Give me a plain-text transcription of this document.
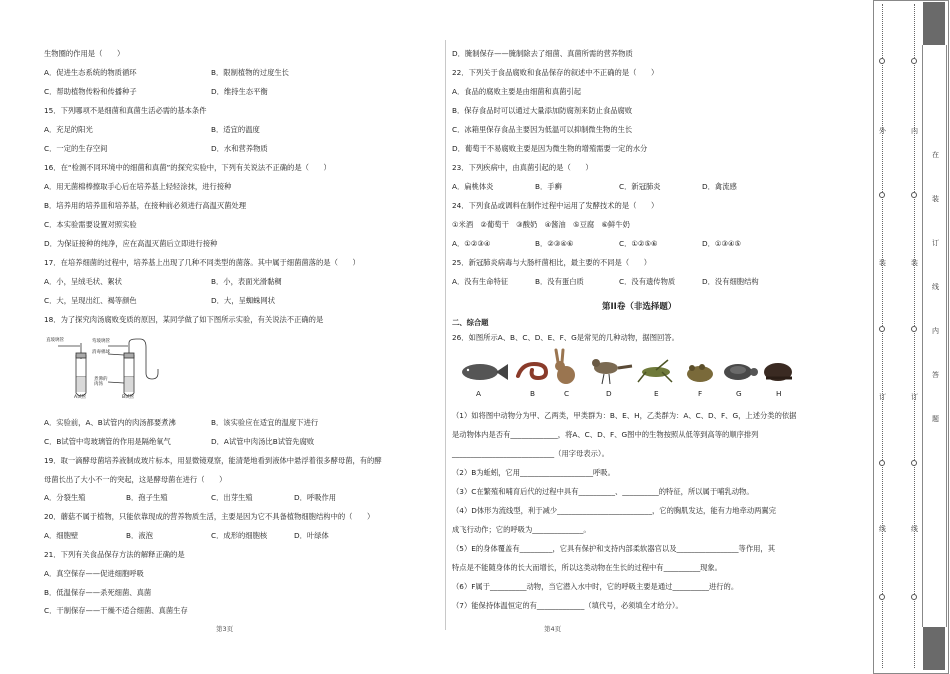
生物圈的作用是（　　）
A．促进生态系统的物质循环	B．限制植物的过度生长
C．帮助植物传粉和传播种子	D．维持生态平衡
15．下列哪项不是细菌和真菌生活必需的基本条件
A．充足的阳光	B．适宜的温度
C．一定的生存空间	D．水和营养物质
16．在“检测不同环境中的细菌和真菌”的探究实验中，下列有关说法不正确的是（　　）
A．用无菌棉棒擦取手心后在培养基上轻轻涂抹，进行接种
B．培养用的培养皿和培养基，在接种前必须进行高温灭菌处理
C．本实验需要设置对照实验
D．为保证接种的纯净，应在高温灭菌后立即进行接种
17．在培养细菌的过程中，培养基上出现了几种不同类型的菌落。其中属于细菌菌落的是（　　）
A．小，呈绒毛状、絮状	B．小，表面光滑黏稠
C．大，呈现出红、褐等颜色	D．大，呈蜘蛛网状
18．为了探究肉汤腐败变质的原因，某同学做了如下图所示实验，有关说法不正确的是
直玻璃管	弯玻璃管
消毒棉球
煮沸的肉汤
A试管	B试管
A．实验前，A、B试管内的肉汤都要煮沸	B．该实验应在适宜的温度下进行
C．B试管中弯玻璃管的作用是隔绝氧气	D．A试管中肉汤比B试管先腐败
19．取一滴酵母菌培养液制成玻片标本，用显微镜观察，能清楚地看到液体中悬浮着很多酵母菌，有的酵
母菌长出了大小不一的突起，这是酵母菌在进行（　　）
A．分裂生殖	B．孢子生殖	C．出芽生殖	D．呼吸作用
20．蘑菇不属于植物，只能依靠现成的营养物质生活，主要是因为它不具备植物细胞结构中的（　　）
A．细胞壁	B．液泡	C．成形的细胞核	D．叶绿体
21．下列有关食品保存方法的解释正确的是
A．真空保存——促进细胞呼吸
B．低温保存——杀死细菌、真菌
C．干制保存——干燥不适合细菌、真菌生存
第3页
D．腌制保存——腌制除去了细菌、真菌所需的营养物质
22．下列关于食品腐败和食品保存的叙述中不正确的是（　　）
A．食品的腐败主要是由细菌和真菌引起
B．保存食品时可以通过大量添加防腐剂来防止食品腐败
C．冰箱里保存食品主要因为低温可以抑制微生物的生长
D．葡萄干不易腐败主要是因为微生物的增殖需要一定的水分
23．下列疾病中，由真菌引起的是（　　）
A．扁桃体炎	B．手癣	C．新冠肺炎	D．禽流感
24．下列食品或调料在制作过程中运用了发酵技术的是（　　）
①米酒　②葡萄干　③酸奶　④酱油　⑤豆腐　⑥鲜牛奶
A．①②③④	B．②③④⑥	C．①②⑤⑥	D．①③④⑤
25．新冠肺炎病毒与大肠杆菌相比，最主要的不同是（　　）
A．没有生命特征	B．没有蛋白质	C．没有遗传物质	D．没有细胞结构
第II卷（非选择题）
二、综合题
26．如图所示A、B、C、D、E、F、G是常见的几种动物，据图回答。
A	B	C	D	E	F	G	H
（1）如将图中动物分为甲、乙两类，甲类群为：B、E、H，乙类群为：A、C、D、F、G，上述分类的依据
是动物体内是否有_____________，将A、C、D、F、G图中的生物按照从低等到高等的顺序排列
____________________________（用字母表示）。
（2）B为蚯蚓，它用____________________呼吸。
（3）C在繁殖和哺育后代的过程中具有__________、__________的特征，所以属于哺乳动物。
（4）D体形为流线型，利于减少__________________________，它的胸肌发达，能有力地牵动两翼完
成飞行动作；它的呼吸为______________。
（5）E的身体覆盖有_________，它具有保护和支持内部柔软器官以及_________________等作用，其
特点是不能随身体的长大而增长，所以这类动物在生长的过程中有__________现象。
（6）F属于__________动物，当它潜入水中时，它的呼吸主要是通过__________进行的。
（7）能保持体温恒定的有_____________（填代号，必须填全才给分）。
第4页
外
装
订
线
内
装
订
线
在
装
订
线
内
答
题
